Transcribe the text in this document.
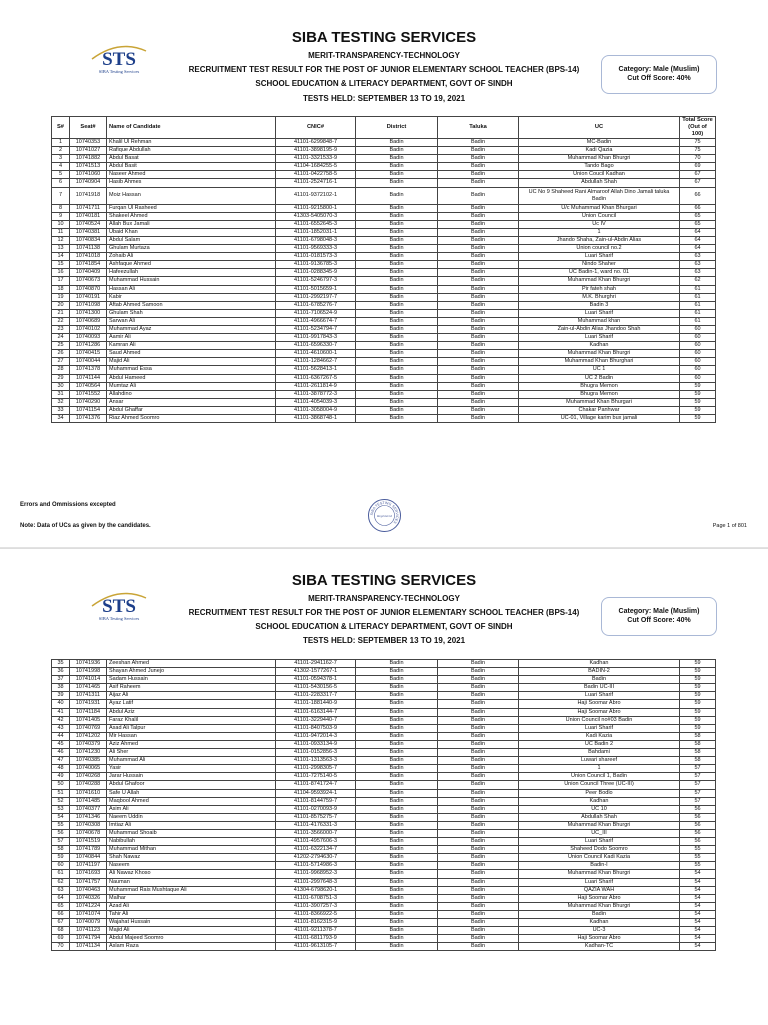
SIBA TESTING SERVICES
MERIT-TRANSPARENCY-TECHNOLOGY
RECRUITMENT TEST RESULT FOR THE POST OF JUNIOR ELEMENTARY SCHOOL TEACHER (BPS-14)
SCHOOL EDUCATION & LITERACY DEPARTMENT, GOVT OF SINDH
TESTS HELD: SEPTEMBER 13 TO 19, 2021
STS
SIBA Testing Services	Category: Male (Muslim)
Cut Off Score: 40%
S#	Seat#	Name of Candidate	CNIC#	District	Taluka	UC	Total Score (Out of 100)
1	10740353	Khalil Ul Rehman	41101-6299848-7	Badin	Badin	MC-Badin	75
2	10741027	Rafique Abdullah	41101-3898195-9	Badin	Badin	Kadi Qazia	75
3	10741882	Abdul Basat	41101-3321533-9	Badin	Badin	Muhammad Khan Bhurgri	70
4	10741513	Abdul Basit	41104-1684255-5	Badin	Badin	Tando Bago	69
5	10741060	Naseer Ahmed	41101-0422758-5	Badin	Badin	Union Coucil Kadhan	67
6	10740904	Hasib Ahmes	41101-2524716-1	Badin	Badin	Abdullah Shah	67
7	10741918	Moiz Hassan	41101-9372102-1	Badin	Badin	UC No 9 Shaheed Rani Almaroof Allah Dino Jamali taluka Badin	66
8	10741711	Furqan Ul Rasheed	41101-9215800-1	Badin	Badin	U/c Muhammad Khan Bhurgari	66
9	10740181	Shakeel Ahmed	41303-5405070-3	Badin	Badin	Union Council	65
10	10740524	Allah Bux Jamali	41101-6552645-3	Badin	Badin	Uc IV	65
11	10740381	Ubaid Khan	41101-1852031-1	Badin	Badin	1	64
12	10740834	Abdul Salam	41101-6798048-3	Badin	Badin	Jhando Shaha, Zain-ul-Abdin Alias	64
13	10741138	Ghulam Murtaza	41101-9569333-3	Badin	Badin	Union council no.2	64
14	10741018	Zohaib Ali	41101-0181573-3	Badin	Badin	Luari Sharif	63
15	10741854	Ashfaque Ahmed	41101-9136785-3	Badin	Badin	Nindo Shaher	63
16	10740409	Hafeezullah	41101-0288345-9	Badin	Badin	UC Badin-1, ward no. 01	63
17	10740673	Muhammad Hussain	41101-5246797-3	Badin	Badin	Muhammad Khan Bhurgri	62
18	10740870	Hassan Ali	41101-5015659-1	Badin	Badin	Pir fateh shah	61
19	10740191	Kabir	41101-2992197-7	Badin	Badin	M.K. Bhurghri	61
20	10741098	Aftab Ahmed Samoon	41101-6785276-7	Badin	Badin	Badin 3	61
21	10741300	Ghulam Shah	41101-7106524-9	Badin	Badin	Luari Sharif	61
22	10740689	Sarwan Ali	41101-4966674-7	Badin	Badin	Muhammad khan	61
23	10740102	Muhammad Ayaz	41101-5234794-7	Badin	Badin	Zain-ul-Abdin Alias Jhandoo Shah	60
24	10740093	Aamir Ali	41101-9917843-3	Badin	Badin	Luari Sharif	60
25	10741286	Kamran Ali	41101-6596330-7	Badin	Badin	Kadhan	60
26	10740415	Saud Ahmed	41101-4610600-1	Badin	Badin	Muhammad Khan Bhurgri	60
27	10740044	Majid Ali	41101-1284662-7	Badin	Badin	Muhammad Khan Bhurghari	60
28	10741378	Muhammad Essa	41101-5628413-1	Badin	Badin	UC 1	60
29	10741144	Abdul Hameed	41101-6367267-5	Badin	Badin	UC 2 Badin	60
30	10740564	Mumtaz Ali	41101-2611814-9	Badin	Badin	Bhugra Memon	59
31	10741552	Allahdino	41101-3878772-3	Badin	Badin	Bhugra Memon	59
32	10740290	Ansar	41101-4054039-3	Badin	Badin	Muhammad Khan Bhurgari	59
33	10741154	Abdul Ghaffar	41101-3058004-9	Badin	Badin	Chakar Panhwar	59
34	10741376	Riaz Ahmed Soomro	41101-3868748-1	Badin	Badin	UC-01, Village karim bux jamali	59
Errors and Ommissions excepted
Note: Data of UCs as given by the candidates.	Page 1 of 801
SIBA TESTING SERVICES
Registered
SIBA TESTING SERVICES
MERIT-TRANSPARENCY-TECHNOLOGY
RECRUITMENT TEST RESULT FOR THE POST OF JUNIOR ELEMENTARY SCHOOL TEACHER (BPS-14)
SCHOOL EDUCATION & LITERACY DEPARTMENT, GOVT OF SINDH
TESTS HELD: SEPTEMBER 13 TO 19, 2021
STS
SIBA Testing Services
Category: Male (Muslim)
Cut Off Score: 40%
35	10741936	Zeeshan Ahmed	41101-2941162-7	Badin	Badin	Kadhan	59
36	10741998	Shayan Ahmed Junejo	41302-1577267-1	Badin	Badin	BADIN-2	59
37	10741014	Sadam Hussain	41101-0594378-1	Badin	Badin	Badin	59
38	10741465	Asif Raheem	41101-5430156-5	Badin	Badin	Badin UC-III	59
39	10741311	Aijaz Ali	41101-2283317-7	Badin	Badin	Luari Sharif	59
40	10741931	Ayaz Latif	41101-1881440-9	Badin	Badin	Haji Soomar Abro	59
41	10741184	Abdul Aziz	41101-6163144-7	Badin	Badin	Haji Soomar Abro	59
42	10741405	Faraz Khalil	41101-3229440-7	Badin	Badin	Union Council no#03 Badin	59
43	10740769	Asad Ali Talpur	41101-8407503-9	Badin	Badin	Luari Sharif	59
44	10741202	Mir Hassan	41101-9472014-3	Badin	Badin	Kadi Kazia	58
45	10740379	Aziz Ahmed	41101-0933134-9	Badin	Badin	UC Badin 2	58
46	10741230	Ali Sher	41101-0152856-3	Badin	Badin	Bahdami	58
47	10740385	Muhammad Ali	41101-1313563-3	Badin	Badin	Luwari shareef	58
48	10740065	Yasir	41101-2998305-7	Badin	Badin	1	57
49	10740268	Jarar Hussain	41101-7275140-5	Badin	Badin	Union Council 1, Badin	57
50	10740288	Abdul Ghafoor	41101-8741724-7	Badin	Badin	Union Council Three (UC-III)	57
51	10741610	Safe U Allah	41104-9593924-1	Badin	Badin	Peer Bodlo	57
52	10741485	Maqbool Ahmed	41101-8144759-7	Badin	Badin	Kadhan	57
53	10740377	Asim Ali	41101-0270093-9	Badin	Badin	UC 10	56
54	10741346	Naeem Uddin	41101-8575275-7	Badin	Badin	Abdullah Shah	56
55	10740308	Imtiaz Ali	41101-4176331-3	Badin	Badin	Muhammad Khan Bhurgri	56
56	10740678	Muhammad Shoaib	41101-3566000-7	Badin	Badin	UC_III	56
57	10741519	Nabibullah	41101-4957606-3	Badin	Badin	Luari Sharif	56
58	10741789	Muhammad Mithan	41101-6322134-7	Badin	Badin	Shaheed Dodo Soomro	55
59	10740844	Shah Nawaz	41202-2794630-7	Badin	Badin	Union Council Kadi Kazia	55
60	10741197	Naseem	41101-5714986-3	Badin	Badin	Badin-I	55
61	10741693	Ali Nawaz Khoso	41101-9968952-3	Badin	Badin	Muhammad Khan Bhurgri	54
62	10741757	Nauman	41101-2997648-3	Badin	Badin	Luari Sharif	54
63	10740463	Muhammad Rais Mushtaque Ali	41304-6798620-1	Badin	Badin	QAZIA WAH	54
64	10740326	Malhar	41101-6708751-3	Badin	Badin	Haji Soomar Abro	54
65	10741224	Azad Ali	41101-3907257-3	Badin	Badin	Muhammad Khan Bhurgri	54
66	10741074	Tahir Ali	41101-8366922-5	Badin	Badin	Badin	54
67	10740079	Wajahat Hussain	41101-8162315-9	Badin	Badin	Kadhan	54
68	10741123	Majid Ali	41101-9211378-7	Badin	Badin	UC-3	54
69	10741794	Abdul Majeed Soomro	41101-6811793-9	Badin	Badin	Haji Soomar Abro	54
70	10741134	Aslam Raza	41101-9613105-7	Badin	Badin	Kadhan-TC	54
